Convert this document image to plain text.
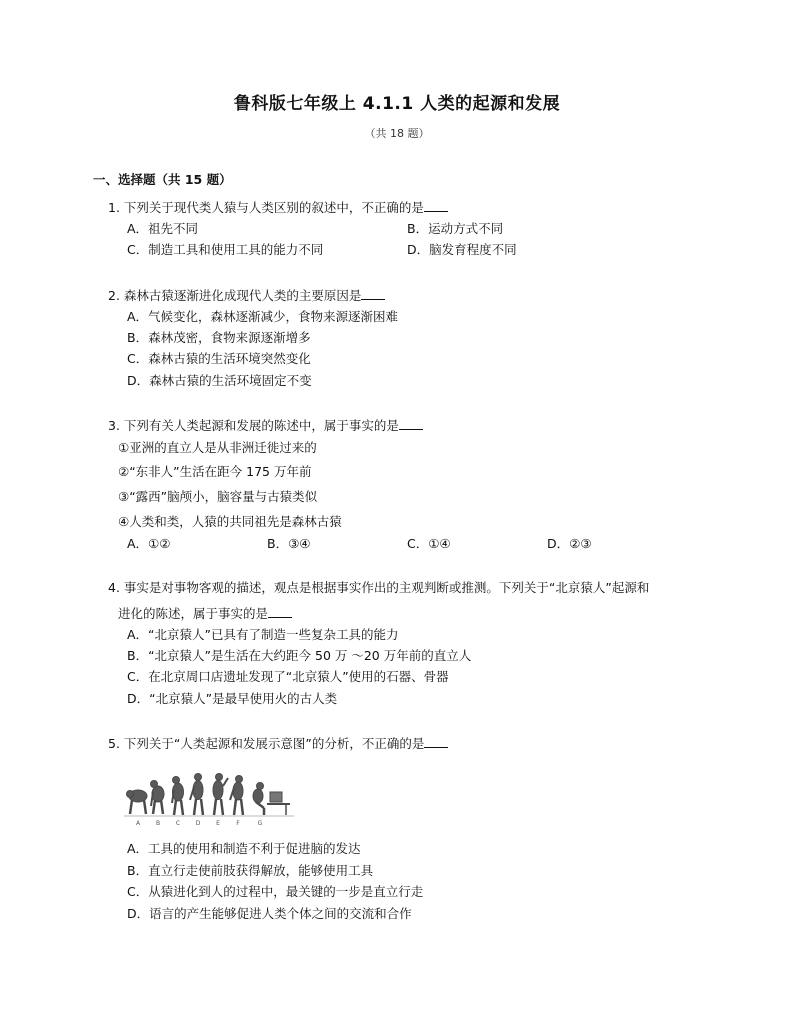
鲁科版七年级上 4.1.1 人类的起源和发展
（共 18 题）
一、选择题（共 15 题）
1. 下列关于现代类人猿与人类区别的叙述中，不正确的是
A．祖先不同	B．运动方式不同
C．制造工具和使用工具的能力不同	D．脑发育程度不同
2. 森林古猿逐渐进化成现代人类的主要原因是
A．气候变化，森林逐渐减少，食物来源逐渐困难
B．森林茂密，食物来源逐渐增多
C．森林古猿的生活环境突然变化
D．森林古猿的生活环境固定不变
3. 下列有关人类起源和发展的陈述中，属于事实的是
①亚洲的直立人是从非洲迁徙过来的
②“东非人”生活在距今 175 万年前
③“露西”脑颅小，脑容量与古猿类似
④人类和类，人猿的共同祖先是森林古猿
A．①②	B．③④	C．①④	D．②③
4. 事实是对事物客观的描述，观点是根据事实作出的主观判断或推测。下列关于“北京猿人”起源和
进化的陈述，属于事实的是
A．“北京猿人”已具有了制造一些复杂工具的能力
B．“北京猿人”是生活在大约距今 50 万 ～20 万年前的直立人
C．在北京周口店遗址发现了“北京猿人”使用的石器、骨器
D．“北京猿人”是最早使用火的古人类
5. 下列关于“人类起源和发展示意图”的分析，不正确的是
A	B	C	D	E	F	G
A．工具的使用和制造不利于促进脑的发达
B．直立行走使前肢获得解放，能够使用工具
C．从猿进化到人的过程中，最关键的一步是直立行走
D．语言的产生能够促进人类个体之间的交流和合作
